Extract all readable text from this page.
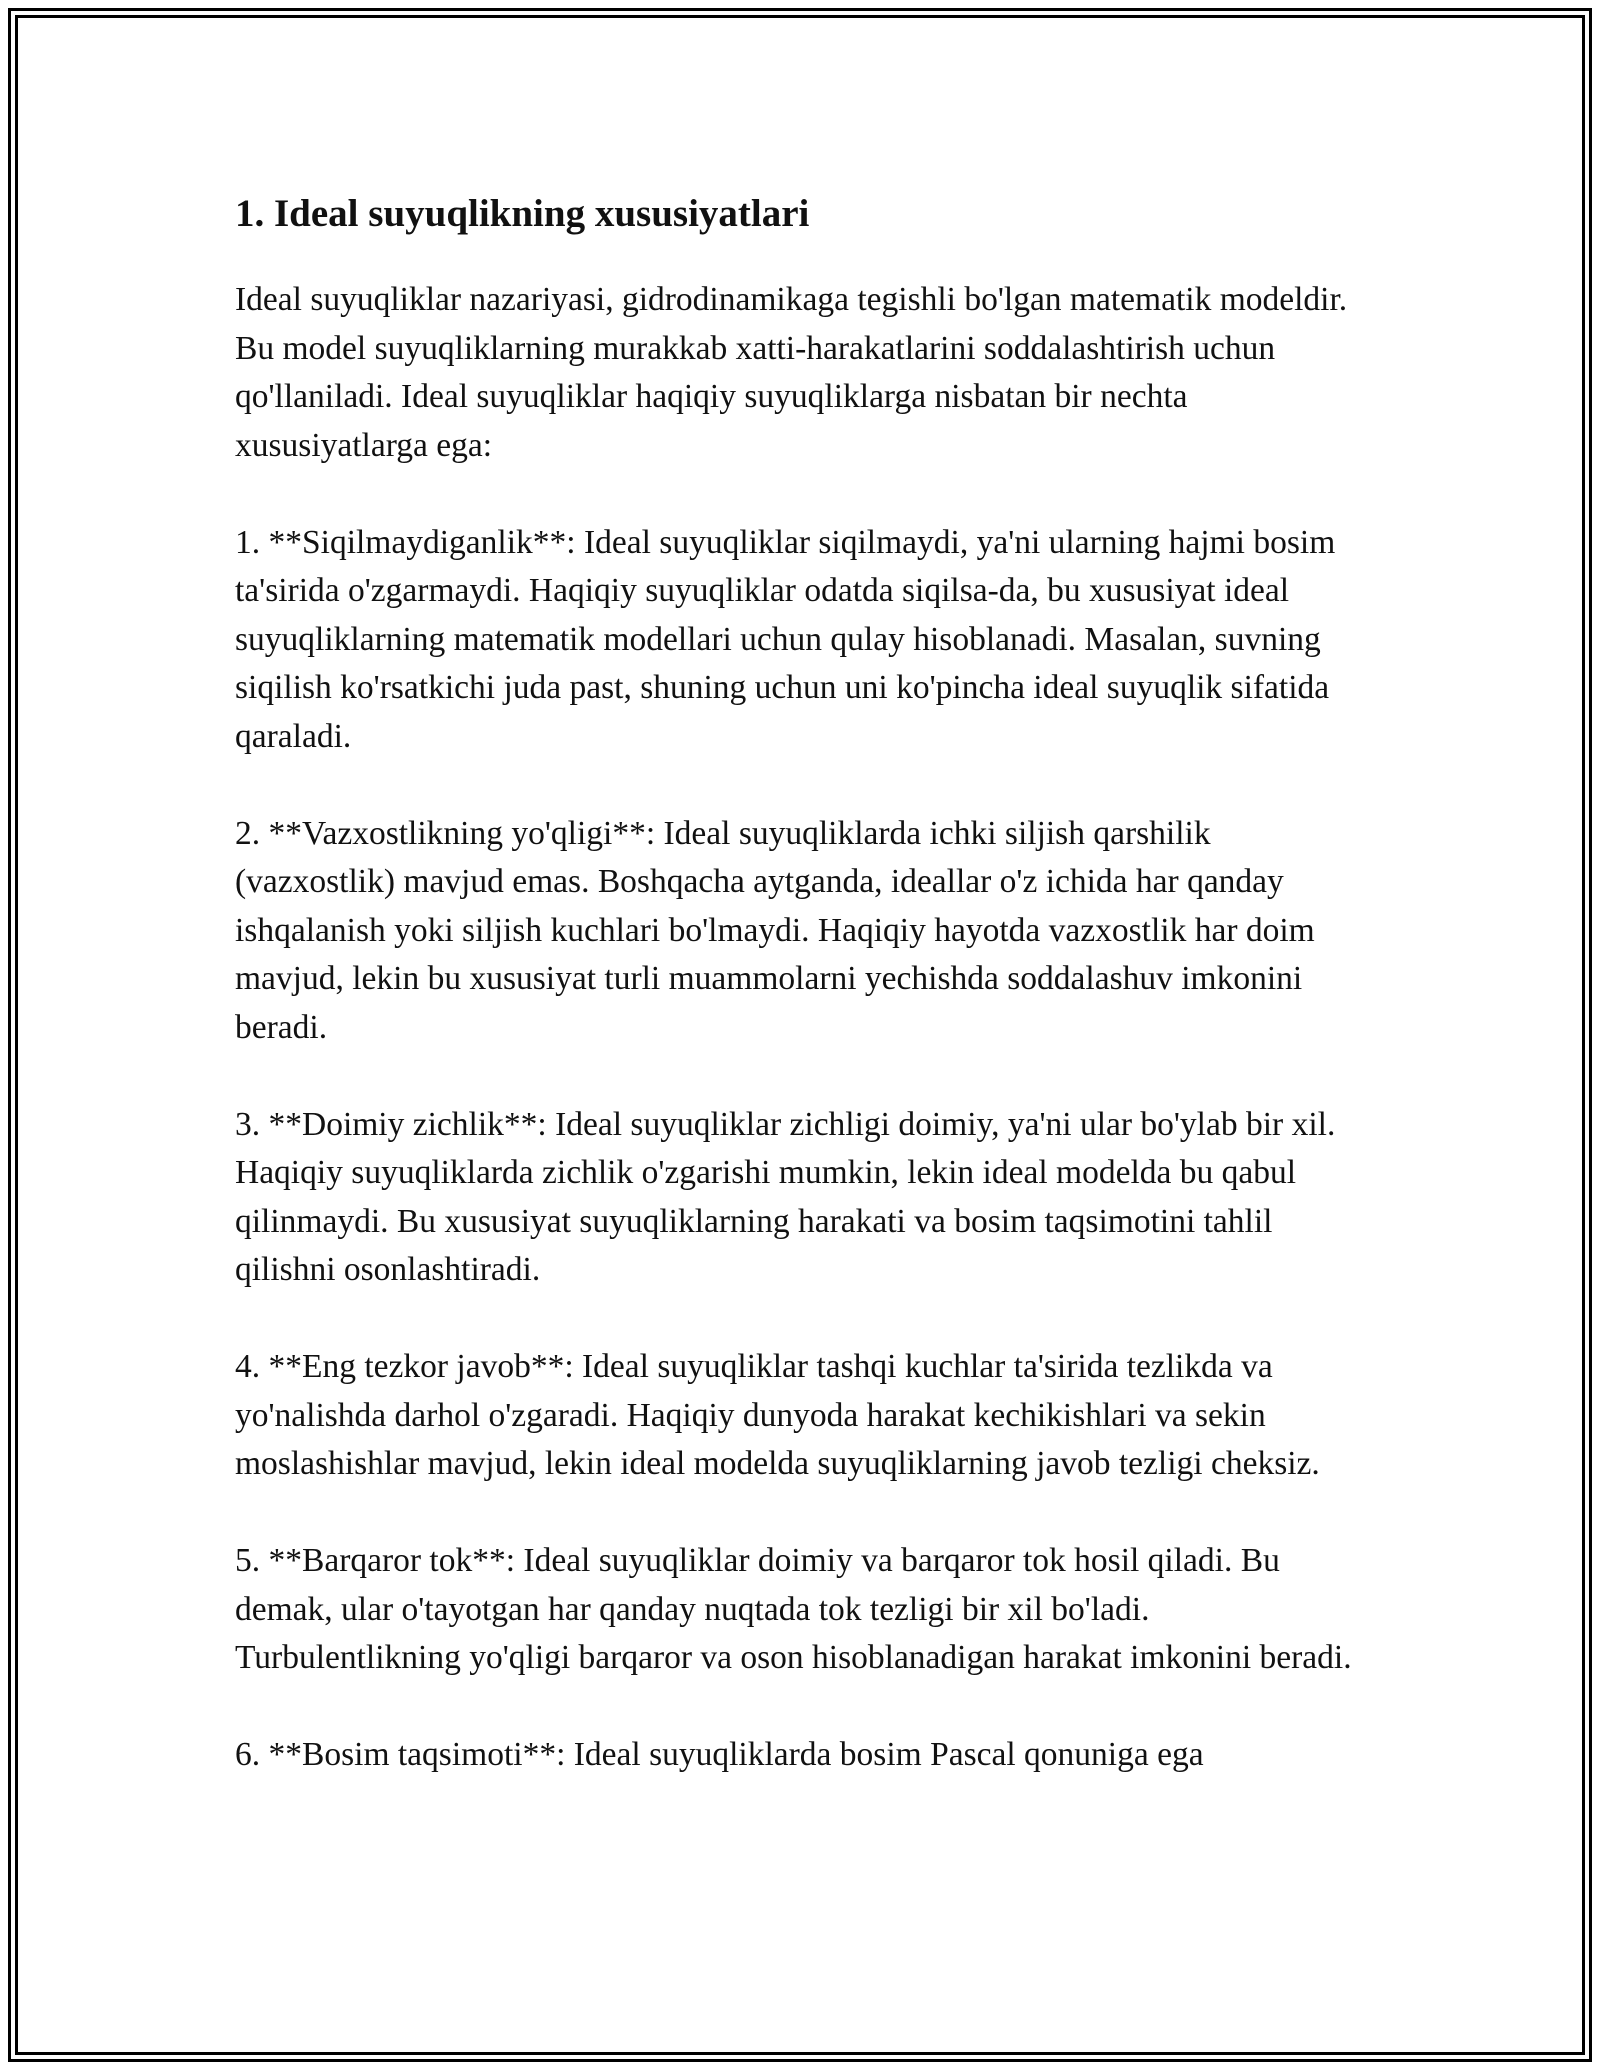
1. Ideal suyuqlikning xususiyatlari

Ideal suyuqliklar nazariyasi, gidrodinamikaga tegishli bo'lgan matematik modeldir. Bu model suyuqliklarning murakkab xatti-harakatlarini soddalashtirish uchun qo'llaniladi. Ideal suyuqliklar haqiqiy suyuqliklarga nisbatan bir nechta xususiyatlarga ega:

1. **Siqilmaydiganlik**: Ideal suyuqliklar siqilmaydi, ya'ni ularning hajmi bosim ta'sirida o'zgarmaydi. Haqiqiy suyuqliklar odatda siqilsa-da, bu xususiyat ideal suyuqliklarning matematik modellari uchun qulay hisoblanadi. Masalan, suvning siqilish ko'rsatkichi juda past, shuning uchun uni ko'pincha ideal suyuqlik sifatida qaraladi.

2. **Vazxostlikning yo'qligi**: Ideal suyuqliklarda ichki siljish qarshilik (vazxostlik) mavjud emas. Boshqacha aytganda, ideallar o'z ichida har qanday ishqalanish yoki siljish kuchlari bo'lmaydi. Haqiqiy hayotda vazxostlik har doim mavjud, lekin bu xususiyat turli muammolarni yechishda soddalashuv imkonini beradi.

3. **Doimiy zichlik**: Ideal suyuqliklar zichligi doimiy, ya'ni ular bo'ylab bir xil. Haqiqiy suyuqliklarda zichlik o'zgarishi mumkin, lekin ideal modelda bu qabul qilinmaydi. Bu xususiyat suyuqliklarning harakati va bosim taqsimotini tahlil qilishni osonlashtiradi.

4. **Eng tezkor javob**: Ideal suyuqliklar tashqi kuchlar ta'sirida tezlikda va yo'nalishda darhol o'zgaradi. Haqiqiy dunyoda harakat kechikishlari va sekin moslashishlar mavjud, lekin ideal modelda suyuqliklarning javob tezligi cheksiz.

5. **Barqaror tok**: Ideal suyuqliklar doimiy va barqaror tok hosil qiladi. Bu demak, ular o'tayotgan har qanday nuqtada tok tezligi bir xil bo'ladi. Turbulentlikning yo'qligi barqaror va oson hisoblanadigan harakat imkonini beradi.

6. **Bosim taqsimoti**: Ideal suyuqliklarda bosim Pascal qonuniga ega
